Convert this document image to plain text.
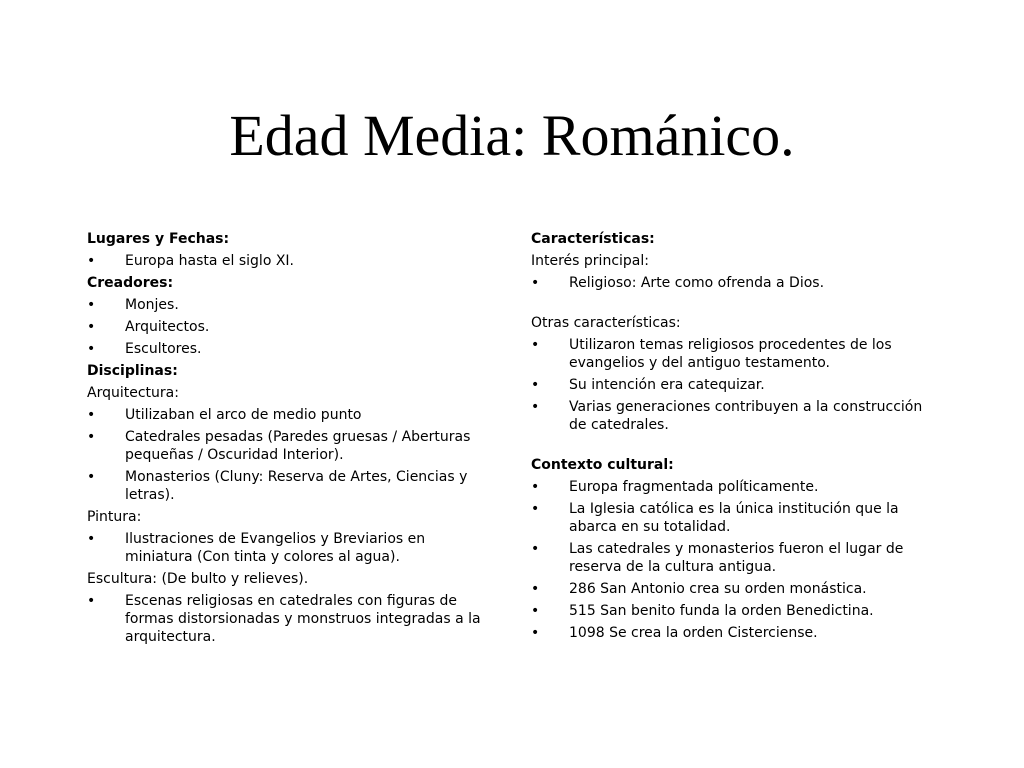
Edad Media: Románico.
Lugares y Fechas:
•	Europa hasta el siglo XI.
Creadores:
•	Monjes.
•	Arquitectos.
•	Escultores.
Disciplinas:
Arquitectura:
•	Utilizaban el arco de medio punto
•	Catedrales pesadas (Paredes gruesas / Aberturas pequeñas / Oscuridad Interior).
•	Monasterios (Cluny: Reserva de Artes, Ciencias y letras).
Pintura:
•	Ilustraciones de Evangelios y Breviarios en miniatura (Con tinta y colores al agua).
Escultura: (De bulto y relieves).
•	Escenas religiosas en catedrales con figuras de formas distorsionadas y monstruos integradas a la arquitectura.
Características:
Interés principal:
•	Religioso: Arte como ofrenda a Dios.
Otras características:
•	Utilizaron temas religiosos procedentes de los evangelios y del antiguo testamento.
•	Su intención era catequizar.
•	Varias generaciones contribuyen a la construcción de catedrales.
Contexto cultural:
•	Europa fragmentada políticamente.
•	La Iglesia católica es la única institución que la abarca en su totalidad.
•	Las catedrales y monasterios fueron el lugar de reserva de la cultura antigua.
•	286 San Antonio crea su orden monástica.
•	515 San benito funda la orden Benedictina.
•	1098 Se crea la orden Cisterciense.
